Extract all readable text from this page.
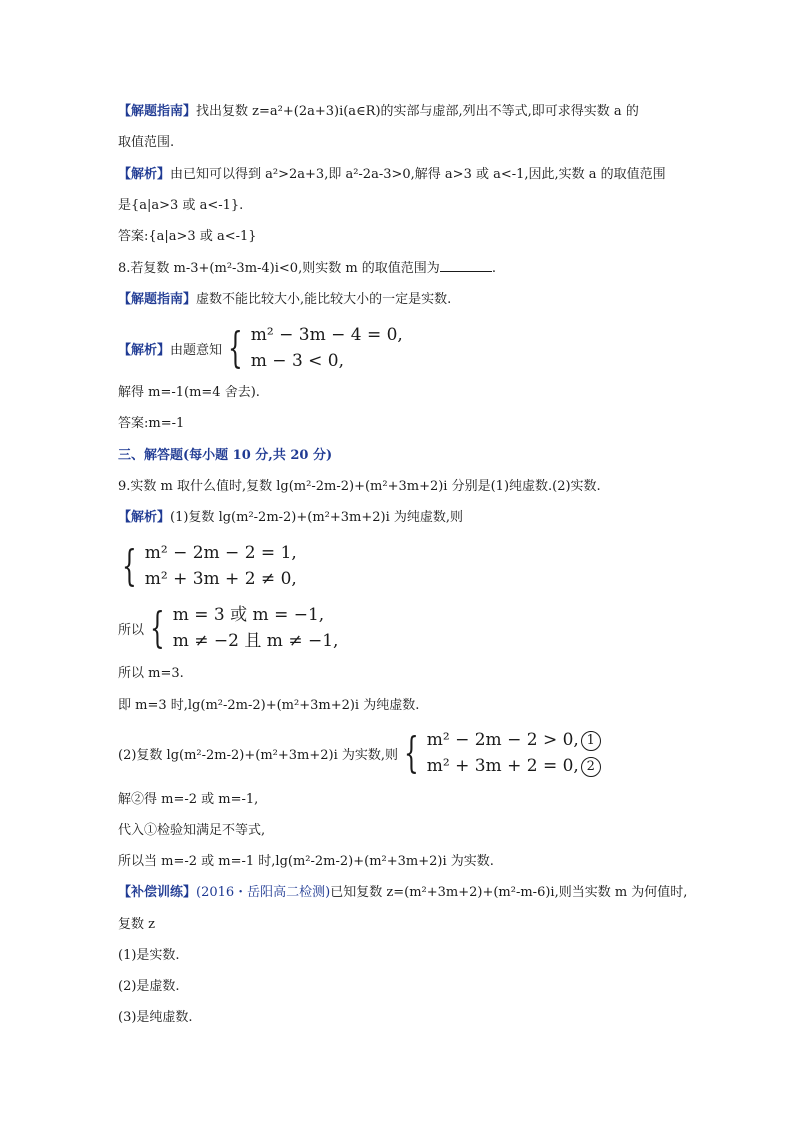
【解题指南】找出复数 z=a²+(2a+3)i(a∈R)的实部与虚部,列出不等式,即可求得实数 a 的
取值范围.
【解析】由已知可以得到 a²>2a+3,即 a²-2a-3>0,解得 a>3 或 a<-1,因此,实数 a 的取值范围
是{a|a>3 或 a<-1}.
答案:{a|a>3 或 a<-1}
8.若复数 m-3+(m²-3m-4)i<0,则实数 m 的取值范围为	.
【解题指南】虚数不能比较大小,能比较大小的一定是实数.
【解析】 由题意知 { m² − 3m − 4 = 0,
m − 3 < 0,
解得 m=-1(m=4 舍去).
答案:m=-1
三、解答题(每小题 10 分,共 20 分)
9.实数 m 取什么值时,复数 lg(m²-2m-2)+(m²+3m+2)i 分别是(1)纯虚数.(2)实数.
【解析】(1)复数 lg(m²-2m-2)+(m²+3m+2)i 为纯虚数,则
{ m² − 2m − 2 = 1,
m² + 3m + 2 ≠ 0,
所以 { m = 3 或 m = −1,
m ≠ −2 且 m ≠ −1,
所以 m=3.
即 m=3 时,lg(m²-2m-2)+(m²+3m+2)i 为纯虚数.
(2)复数 lg(m²-2m-2)+(m²+3m+2)i 为实数,则 { m² − 2m − 2 > 0, 1
m² + 3m + 2 = 0, 2
解②得 m=-2 或 m=-1,
代入①检验知满足不等式,
所以当 m=-2 或 m=-1 时,lg(m²-2m-2)+(m²+3m+2)i 为实数.
【补偿训练】(2016・岳阳高二检测)已知复数 z=(m²+3m+2)+(m²-m-6)i,则当实数 m 为何值时,
复数 z
(1)是实数.
(2)是虚数.
(3)是纯虚数.
